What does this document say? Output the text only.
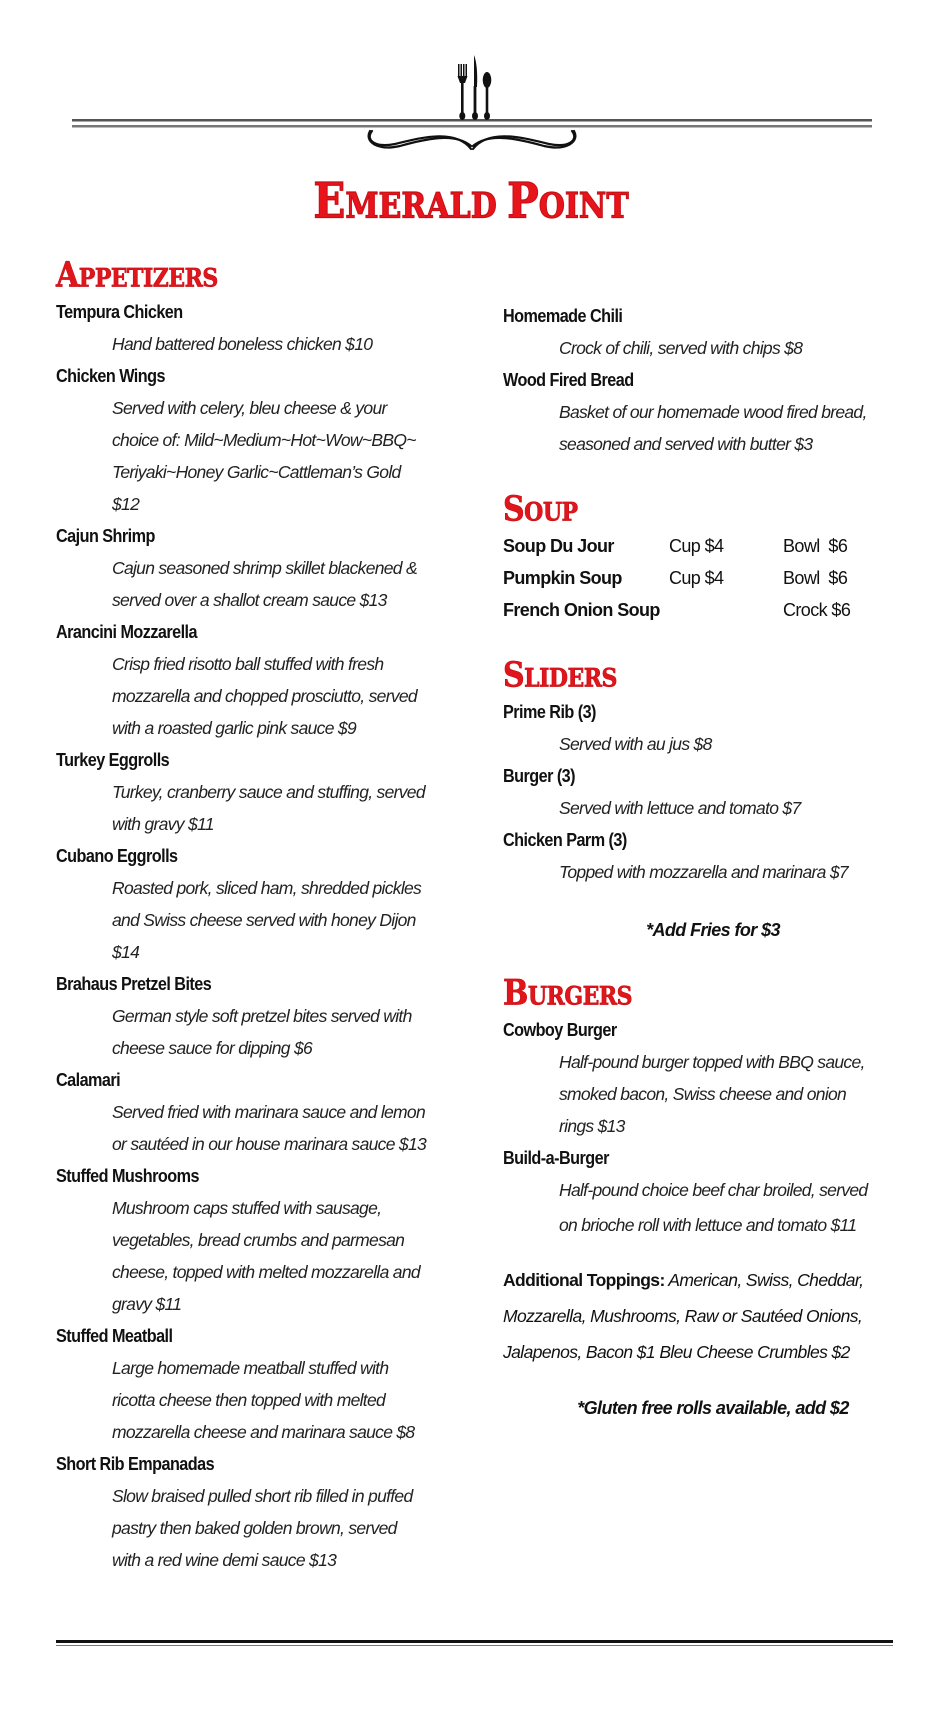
EMERALD POINT
APPETIZERS
Tempura Chicken
Hand battered boneless chicken $10
Chicken Wings
Served with celery, bleu cheese & your
choice of: Mild~Medium~Hot~Wow~BBQ~
Teriyaki~Honey Garlic~Cattleman’s Gold
$12
Cajun Shrimp
Cajun seasoned shrimp skillet blackened &
served over a shallot cream sauce $13
Arancini Mozzarella
Crisp fried risotto ball stuffed with fresh
mozzarella and chopped prosciutto, served
with a roasted garlic pink sauce $9
Turkey Eggrolls
Turkey, cranberry sauce and stuffing, served
with gravy $11
Cubano Eggrolls
Roasted pork, sliced ham, shredded pickles
and Swiss cheese served with honey Dijon
$14
Brahaus Pretzel Bites
German style soft pretzel bites served with
cheese sauce for dipping $6
Calamari
Served fried with marinara sauce and lemon
or sautéed in our house marinara sauce $13
Stuffed Mushrooms
Mushroom caps stuffed with sausage,
vegetables, bread crumbs and parmesan
cheese, topped with melted mozzarella and
gravy $11
Stuffed Meatball
Large homemade meatball stuffed with
ricotta cheese then topped with melted
mozzarella cheese and marinara sauce $8
Short Rib Empanadas
Slow braised pulled short rib filled in puffed
pastry then baked golden brown, served
with a red wine demi sauce $13
Homemade Chili
Crock of chili, served with chips $8
Wood Fired Bread
Basket of our homemade wood fired bread,
seasoned and served with butter $3
SOUP
Soup Du Jour	Cup $4	Bowl  $6
Pumpkin Soup	Cup $4	Bowl  $6
French Onion Soup	Crock $6
SLIDERS
Prime Rib (3)
Served with au jus $8
Burger (3)
Served with lettuce and tomato $7
Chicken Parm (3)
Topped with mozzarella and marinara $7
*Add Fries for $3
BURGERS
Cowboy Burger
Half-pound burger topped with BBQ sauce,
smoked bacon, Swiss cheese and onion
rings $13
Build-a-Burger
Half-pound choice beef char broiled, served
on brioche roll with lettuce and tomato $11
Additional Toppings: American, Swiss, Cheddar,
Mozzarella, Mushrooms, Raw or Sautéed Onions,
Jalapenos, Bacon $1 Bleu Cheese Crumbles $2
*Gluten free rolls available, add $2
